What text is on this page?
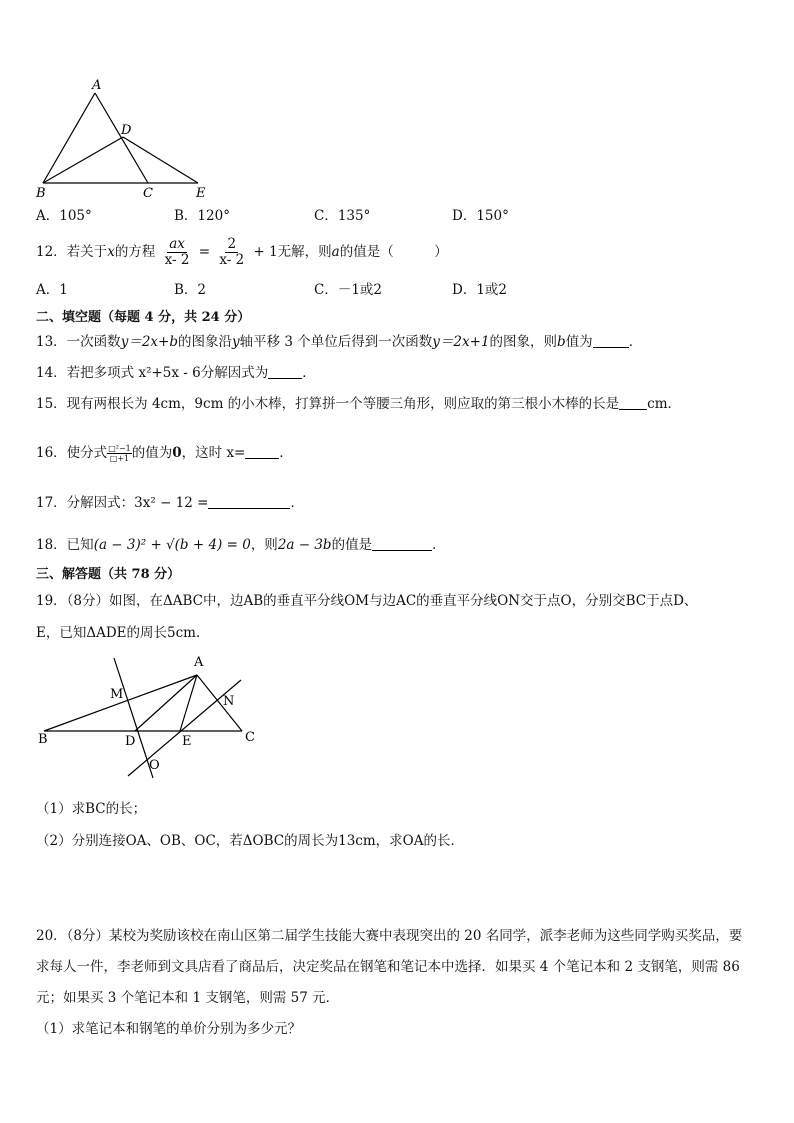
A
D
B	C	E
A．105°	B．120°	C．135°	D．150°
12．若关于x的方程 $\frac{ax}{x- 2} = \frac{2}{x- 2} + 1$无解，则a的值是（　　　）
A．1	B．2	C．－1或2	D．1或2
二、填空题（每题 4 分，共 24 分）
13．一次函数y＝2x+b的图象沿y轴平移 3 个单位后得到一次函数y＝2x+1的图象，则b值为	．
14．若把多项式 x²+5x - 6分解因式为	．
15．现有两根长为 4cm，9cm 的小木棒，打算拼一个等腰三角形，则应取的第三根小木棒的长是 cm．
16．使分式 $\frac{\text{□²−1}}{□+1}$ 的值为0，这时 x=	．
17．分解因式：3x² − 12 =	．
18．已知(a − 3)² + √(b + 4) = 0，则2a − 3b的值是	．
三、解答题（共 78 分）
19．（8分）如图，在ΔABC中，边AB的垂直平分线OM与边AC的垂直平分线ON交于点O，分别交BC于点D、
E，已知ΔADE的周长5cm．
A
M	N
B	D	E	C
O
（1）求BC的长；
（2）分别连接OA、OB、OC，若ΔOBC的周长为13cm，求OA的长．
20．（8分）某校为奖励该校在南山区第二届学生技能大赛中表现突出的 20 名同学，派李老师为这些同学购买奖品，要
求每人一件，李老师到文具店看了商品后，决定奖品在钢笔和笔记本中选择．如果买 4 个笔记本和 2 支钢笔，则需 86
元；如果买 3 个笔记本和 1 支钢笔，则需 57 元．
（1）求笔记本和钢笔的单价分别为多少元？
